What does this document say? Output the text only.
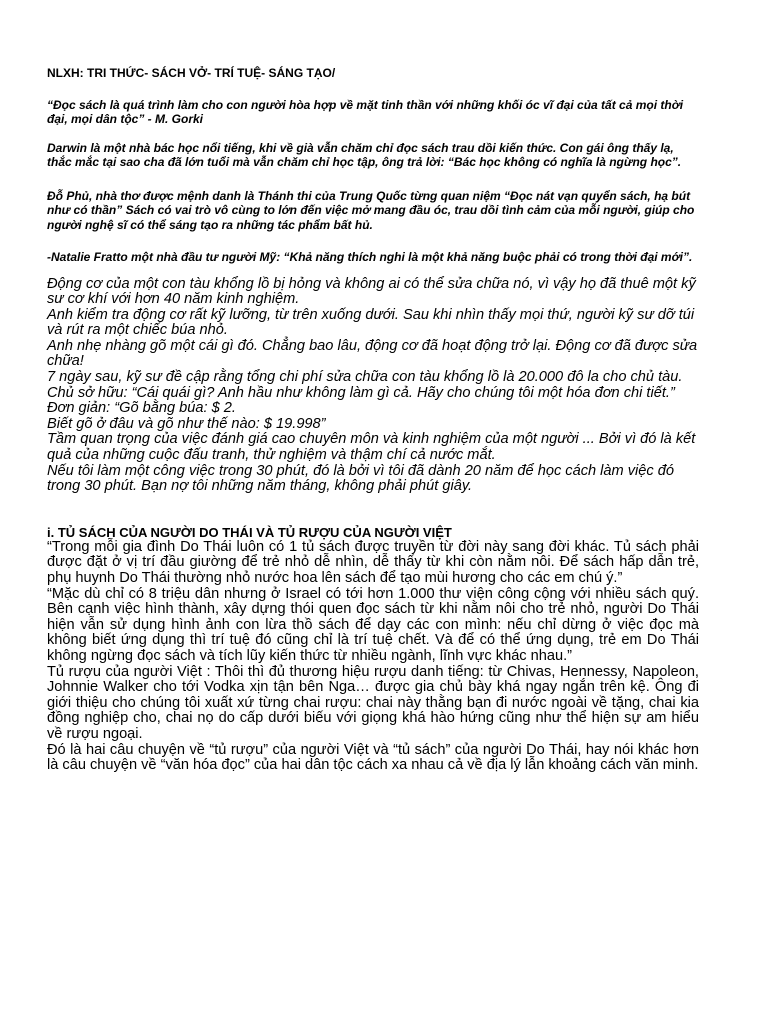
NLXH: TRI THỨC- SÁCH VỞ- TRÍ TUỆ- SÁNG TẠO/
“Đọc sách là quá trình làm cho con người hòa hợp về mặt tinh thần với những khối óc vĩ đại của tất cả mọi thời đại, mọi dân tộc” - M. Gorki
Darwin là một nhà bác học nổi tiếng, khi về già vẫn chăm chỉ đọc sách trau dồi kiến thức. Con gái ông thấy lạ, thắc mắc tại sao cha đã lớn tuổi mà vẫn chăm chỉ học tập, ông trả lời: “Bác học không có nghĩa là ngừng học”.
Đỗ Phủ, nhà thơ được mệnh danh là Thánh thi của Trung Quốc từng quan niệm “Đọc nát vạn quyển sách, hạ bút như có thần” Sách có vai trò vô cùng to lớn đến việc mở mang đầu óc, trau dồi tình cảm của mỗi người, giúp cho người nghệ sĩ có thể sáng tạo ra những tác phẩm bất hủ.
-Natalie Fratto một nhà đầu tư người Mỹ: “Khả năng thích nghi là một khả năng buộc phải có trong thời đại mới”.

Động cơ của một con tàu khổng lồ bị hỏng và không ai có thể sửa chữa nó, vì vậy họ đã thuê một kỹ sư cơ khí với hơn 40 năm kinh nghiệm.

Anh kiểm tra động cơ rất kỹ lưỡng, từ trên xuống dưới. Sau khi nhìn thấy mọi thứ, người kỹ sư dỡ túi và rút ra một chiếc búa nhỏ.

Anh nhẹ nhàng gõ một cái gì đó. Chẳng bao lâu, động cơ đã hoạt động trở lại. Động cơ đã được sửa chữa!

7 ngày sau, kỹ sư đề cập rằng tổng chi phí sửa chữa con tàu khổng lồ là 20.000 đô la cho chủ tàu.

Chủ sở hữu: “Cái quái gì? Anh hầu như không làm gì cả. Hãy cho chúng tôi một hóa đơn chi tiết.”

Đơn giản: “Gõ bằng búa: $ 2.

Biết gõ ở đâu và gõ như thế nào: $ 19.998”

Tầm quan trọng của việc đánh giá cao chuyên môn và kinh nghiệm của một người ... Bởi vì đó là kết quả của những cuộc đấu tranh, thử nghiệm và thậm chí cả nước mắt.

Nếu tôi làm một công việc trong 30 phút, đó là bởi vì tôi đã dành 20 năm để học cách làm việc đó trong 30 phút. Bạn nợ tôi những năm tháng, không phải phút giây.

i. TỦ SÁCH CỦA NGƯỜI DO THÁI VÀ TỦ RƯỢU CỦA NGƯỜI VIỆT

“Trong mỗi gia đình Do Thái luôn có 1 tủ sách được truyền từ đời này sang đời khác. Tủ sách phải được đặt ở vị trí đầu giường để trẻ nhỏ dễ nhìn, dễ thấy từ khi còn nằm nôi. Để sách hấp dẫn trẻ, phụ huynh Do Thái thường nhỏ nước hoa lên sách để tạo mùi hương cho các em chú ý.”

“Mặc dù chỉ có 8 triệu dân nhưng ở Israel có tới hơn 1.000 thư viện công cộng với nhiều sách quý. Bên cạnh việc hình thành, xây dựng thói quen đọc sách từ khi nằm nôi cho trẻ nhỏ, người Do Thái hiện vẫn sử dụng hình ảnh con lừa thồ sách để dạy các con mình: nếu chỉ dừng ở việc đọc mà không biết ứng dụng thì trí tuệ đó cũng chỉ là trí tuệ chết. Và để có thể ứng dụng, trẻ em Do Thái không ngừng đọc sách và tích lũy kiến thức từ nhiều ngành, lĩnh vực khác nhau.”

Tủ rượu của người Việt : Thôi thì đủ thương hiệu rượu danh tiếng: từ Chivas, Hennessy, Napoleon, Johnnie Walker cho tới Vodka xịn tận bên Nga… được gia chủ bày khá ngay ngắn trên kệ. Ông đi giới thiệu cho chúng tôi xuất xứ từng chai rượu: chai này thằng bạn đi nước ngoài về tặng, chai kia đồng nghiệp cho, chai nọ do cấp dưới biếu với giọng khá hào hứng cũng như thể hiện sự am hiểu về rượu ngoại.

Đó là hai câu chuyện về “tủ rượu” của người Việt và “tủ sách” của người Do Thái, hay nói khác hơn là câu chuyện về “văn hóa đọc” của hai dân tộc cách xa nhau cả về địa lý lẫn khoảng cách văn minh.
